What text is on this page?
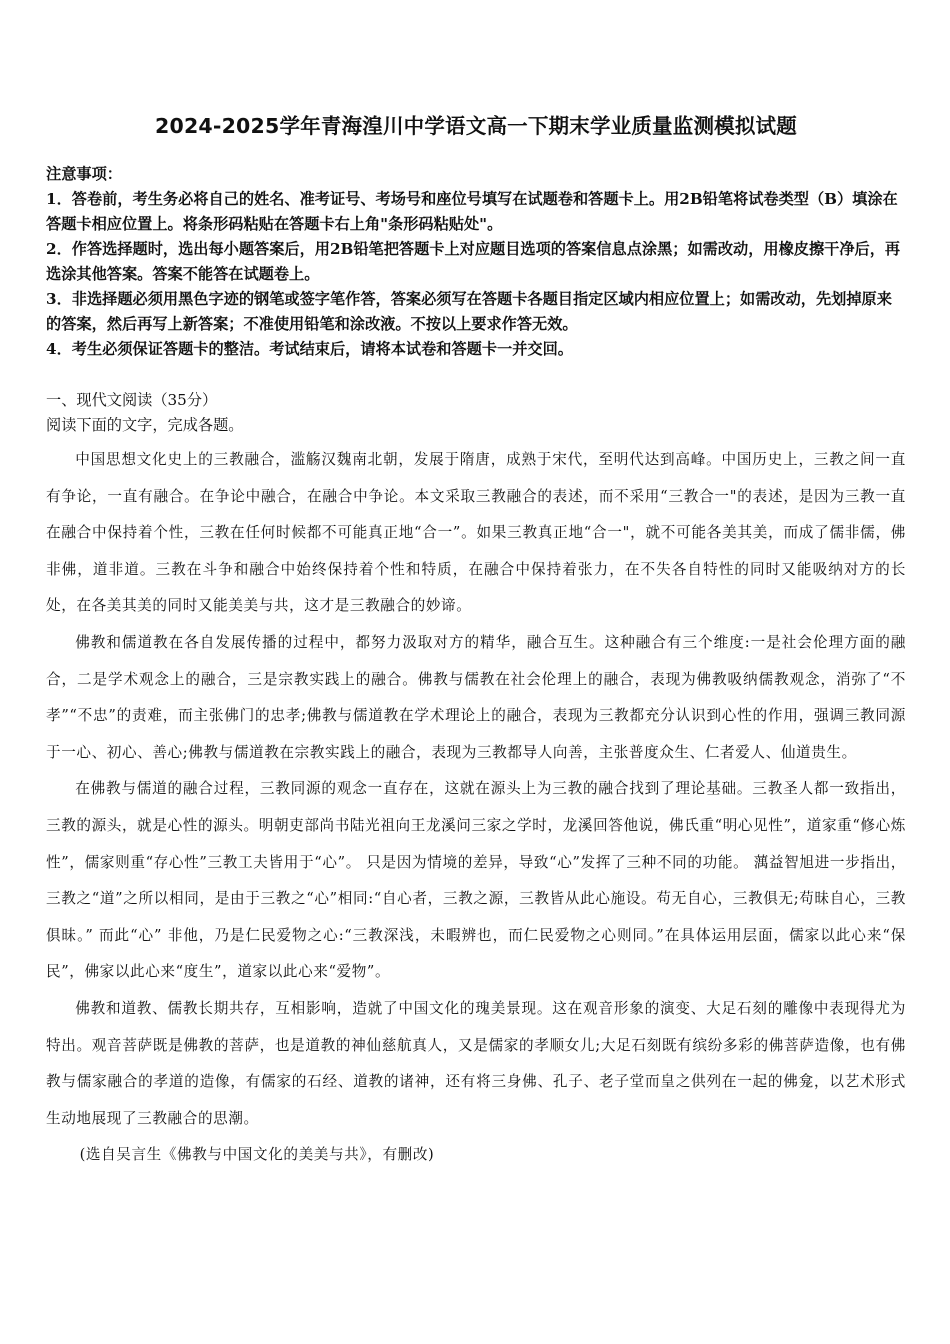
2024-2025学年青海湟川中学语文高一下期末学业质量监测模拟试题

注意事项：

1．答卷前，考生务必将自己的姓名、准考证号、考场号和座位号填写在试题卷和答题卡上。用2B铅笔将试卷类型（B）填涂在答题卡相应位置上。将条形码粘贴在答题卡右上角"条形码粘贴处"。

2．作答选择题时，选出每小题答案后，用2B铅笔把答题卡上对应题目选项的答案信息点涂黑；如需改动，用橡皮擦干净后，再选涂其他答案。答案不能答在试题卷上。

3．非选择题必须用黑色字迹的钢笔或签字笔作答，答案必须写在答题卡各题目指定区域内相应位置上；如需改动，先划掉原来的答案，然后再写上新答案；不准使用铅笔和涂改液。不按以上要求作答无效。

4．考生必须保证答题卡的整洁。考试结束后，请将本试卷和答题卡一并交回。

一、现代文阅读（35分）
阅读下面的文字，完成各题。

中国思想文化史上的三教融合，滥觞汉魏南北朝，发展于隋唐，成熟于宋代，至明代达到高峰。中国历史上，三教之间一直有争论，一直有融合。在争论中融合，在融合中争论。本文采取三教融合的表述，而不采用“三教合一"的表述，是因为三教一直在融合中保持着个性，三教在任何时候都不可能真正地“合一”。如果三教真正地“合一"，就不可能各美其美，而成了儒非儒，佛非佛，道非道。三教在斗争和融合中始终保持着个性和特质，在融合中保持着张力，在不失各自特性的同时又能吸纳对方的长处，在各美其美的同时又能美美与共，这才是三教融合的妙谛。

佛教和儒道教在各自发展传播的过程中，都努力汲取对方的精华，融合互生。这种融合有三个维度:一是社会伦理方面的融合，二是学术观念上的融合，三是宗教实践上的融合。佛教与儒教在社会伦理上的融合，表现为佛教吸纳儒教观念，消弥了“不孝”“不忠”的责难，而主张佛门的忠孝;佛教与儒道教在学术理论上的融合，表现为三教都充分认识到心性的作用，强调三教同源于一心、初心、善心;佛教与儒道教在宗教实践上的融合，表现为三教都导人向善，主张普度众生、仁者爱人、仙道贵生。

在佛教与儒道的融合过程，三教同源的观念一直存在，这就在源头上为三教的融合找到了理论基础。三教圣人都一致指出，三教的源头，就是心性的源头。明朝吏部尚书陆光祖向王龙溪问三家之学时，龙溪回答他说，佛氏重“明心见性”，道家重“修心炼性”，儒家则重“存心性”三教工夫皆用于“心”。 只是因为情境的差异，导致“心”发挥了三种不同的功能。 蕅益智旭进一步指出，三教之“道”之所以相同，是由于三教之“心”相同:“自心者，三教之源，三教皆从此心施设。苟无自心，三教俱无;苟昧自心，三教俱昧。” 而此“心” 非他，乃是仁民爱物之心:“三教深浅，未暇辨也，而仁民爱物之心则同。”在具体运用层面，儒家以此心来“保民”，佛家以此心来“度生”，道家以此心来“爱物”。

佛教和道教、儒教长期共存，互相影响，造就了中国文化的瑰美景现。这在观音形象的演变、大足石刻的雕像中表现得尤为特出。观音菩萨既是佛教的菩萨，也是道教的神仙慈航真人，又是儒家的孝顺女儿;大足石刻既有缤纷多彩的佛菩萨造像，也有佛教与儒家融合的孝道的造像，有儒家的石经、道教的诸神，还有将三身佛、孔子、老子堂而皇之供列在一起的佛龛，以艺术形式生动地展现了三教融合的思潮。

(选自吴言生《佛教与中国文化的美美与共》，有删改)
